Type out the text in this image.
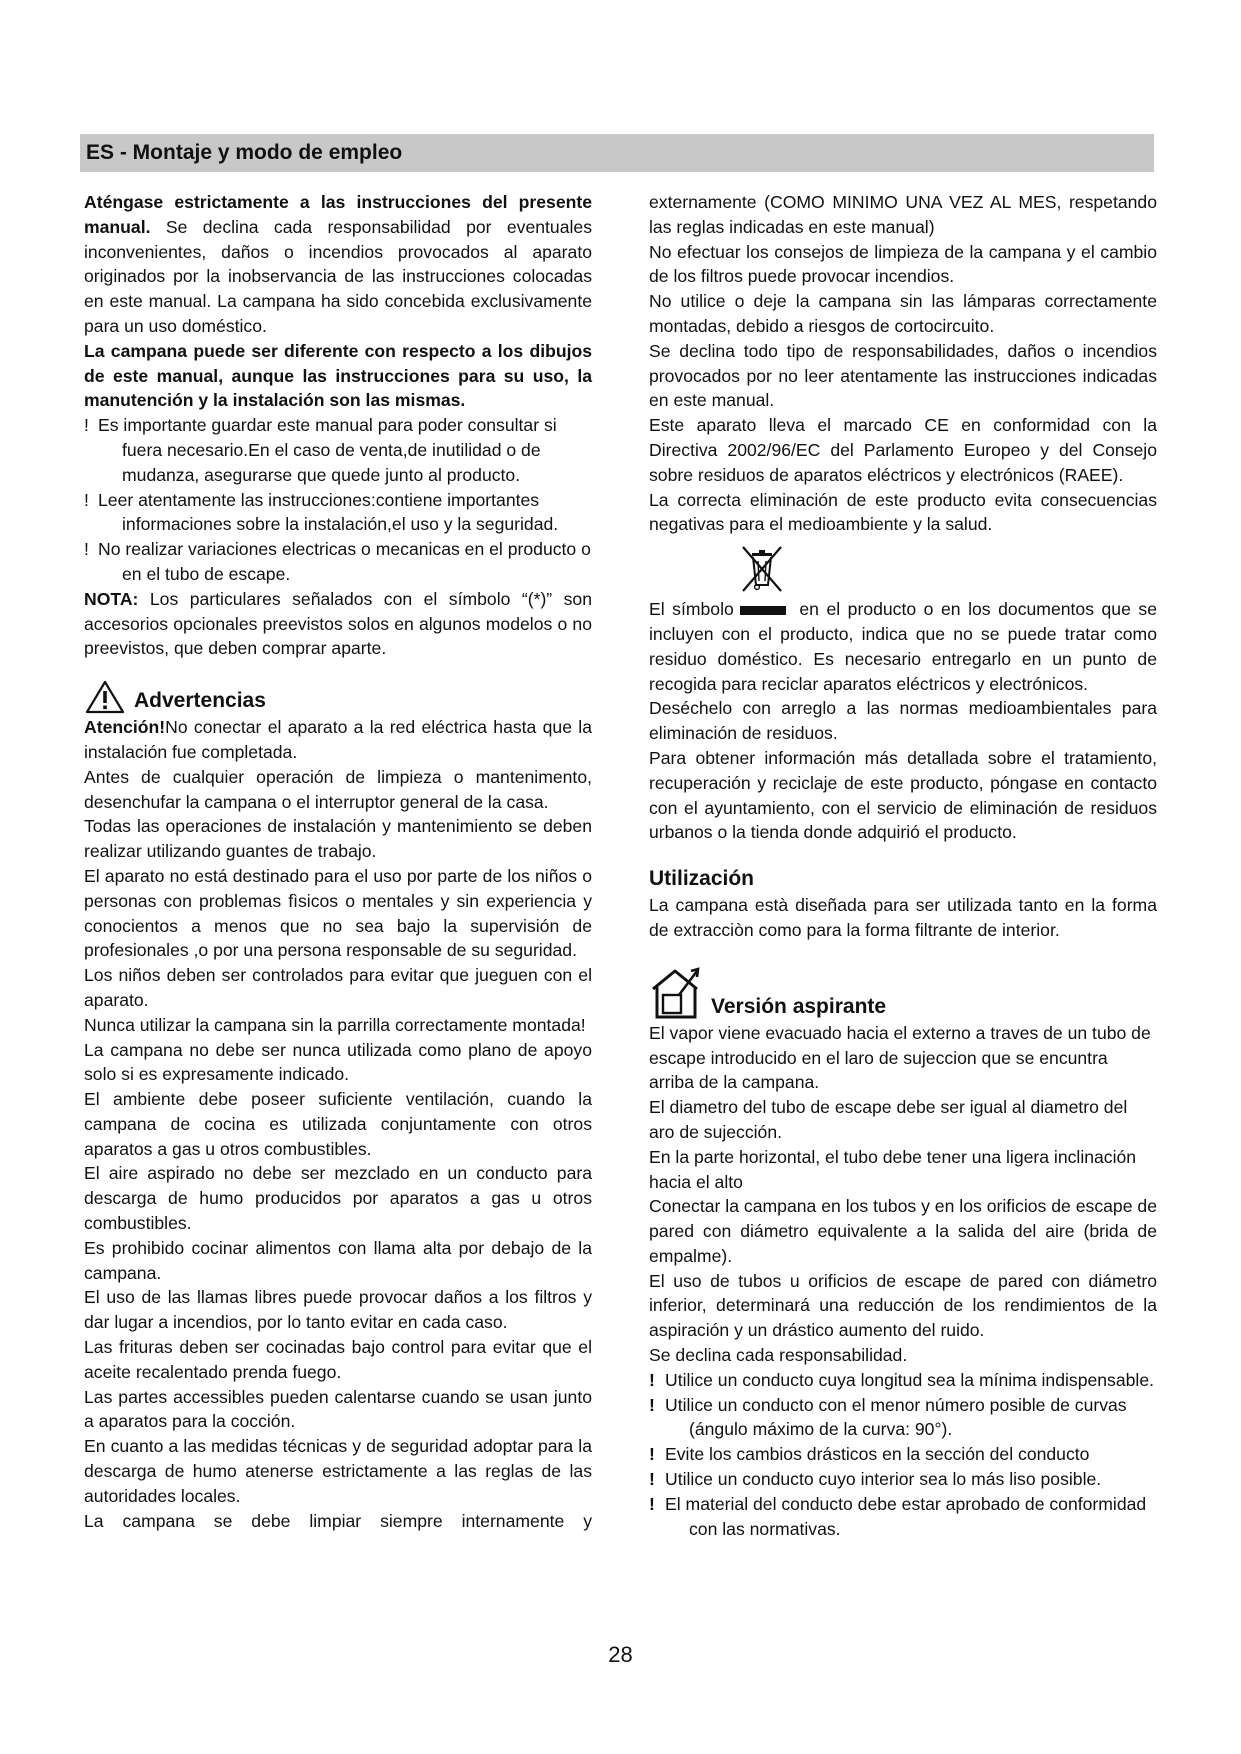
ES - Montaje y modo de empleo

Aténgase estrictamente a las instrucciones del presente manual. Se declina cada responsabilidad por eventuales inconvenientes, daños o incendios provocados al aparato originados por la inobservancia de las instrucciones colocadas en este manual. La campana ha sido concebida exclusivamente para un uso doméstico.

La campana puede ser diferente con respecto a los dibujos de este manual, aunque las instrucciones para su uso, la manutención y la instalación son las mismas.

! Es importante guardar este manual para poder consultar si fuera necesario.En el caso de venta,de inutilidad o de mudanza, asegurarse que quede junto al producto.

! Leer atentamente las instrucciones:contiene importantes informaciones sobre la instalación,el uso y la seguridad.

! No realizar variaciones electricas o mecanicas en el producto o en el tubo de escape.

NOTA: Los particulares señalados con el símbolo “(*)” son accesorios opcionales preevistos solos en algunos modelos o no preevistos, que deben comprar aparte.

Advertencias

Atención!No conectar el aparato a la red eléctrica hasta que la instalación fue completada.

Antes de cualquier operación de limpieza o mantenimento, desenchufar la campana o el interruptor general de la casa.

Todas las operaciones de instalación y mantenimiento se deben realizar utilizando guantes de trabajo.

El aparato no está destinado para el uso por parte de los niños o personas con problemas fìsicos o mentales y sin experiencia y conocientos a menos que no sea bajo la supervisión de profesionales ,o por una persona responsable de su seguridad.

Los niños deben ser controlados para evitar que jueguen con el aparato.

Nunca utilizar la campana sin la parrilla correctamente montada!

La campana no debe ser nunca utilizada como plano de apoyo solo si es expresamente indicado.

El ambiente debe poseer suficiente ventilación, cuando la campana de cocina es utilizada conjuntamente con otros aparatos a gas u otros combustibles.

El aire aspirado no debe ser mezclado en un conducto para descarga de humo producidos por aparatos a gas u otros combustibles.

Es prohibido cocinar alimentos con llama alta por debajo de la campana.

El uso de las llamas libres puede provocar daños a los filtros y dar lugar a incendios, por lo tanto evitar en cada caso.

Las frituras deben ser cocinadas bajo control para evitar que el aceite recalentado prenda fuego.

Las partes accessibles pueden calentarse cuando se usan junto a aparatos para la cocción.

En cuanto a las medidas técnicas y de seguridad adoptar para la descarga de humo atenerse estrictamente a las reglas de las autoridades locales.

La campana se debe limpiar siempre internamente y

externamente (COMO MINIMO UNA VEZ AL MES, respetando las reglas indicadas en este manual)

No efectuar los consejos de limpieza de la campana y el cambio de los filtros puede provocar incendios.

No utilice o deje la campana sin las lámparas correctamente montadas, debido a riesgos de cortocircuito.

Se declina todo tipo de responsabilidades, daños o incendios provocados por no leer atentamente las instrucciones indicadas en este manual.

Este aparato lleva el marcado CE en conformidad con la Directiva 2002/96/EC del Parlamento Europeo y del Consejo sobre residuos de aparatos eléctricos y electrónicos (RAEE).

La correcta eliminación de este producto evita consecuencias negativas para el medioambiente y la salud.

El símbolo	en el producto o en los documentos que se incluyen con el producto, indica que no se puede tratar como residuo doméstico. Es necesario entregarlo en un punto de recogida para reciclar aparatos eléctricos y electrónicos.

Deséchelo con arreglo a las normas medioambientales para eliminación de residuos.

Para obtener información más detallada sobre el tratamiento, recuperación y reciclaje de este producto, póngase en contacto con el ayuntamiento, con el servicio de eliminación de residuos urbanos o la tienda donde adquirió el producto.

Utilización

La campana està diseñada para ser utilizada tanto en la forma de extracciòn como para la forma filtrante de interior.

Versión aspirante

El vapor viene evacuado hacia el externo a traves de un tubo de escape introducido en el laro de sujeccion que se encuntra arriba de la campana.

El diametro del tubo de escape debe ser igual al diametro del aro de sujección.

En la parte horizontal, el tubo debe tener una ligera inclinación hacia el alto

Conectar la campana en los tubos y en los orificios de escape de pared con diámetro equivalente a la salida del aire (brida de empalme).

El uso de tubos u orificios de escape de pared con diámetro inferior, determinará una reducción de los rendimientos de la aspiración y un drástico aumento del ruido.

Se declina cada responsabilidad.

! Utilice un conducto cuya longitud sea la mínima indispensable.

! Utilice un conducto con el menor número posible de curvas (ángulo máximo de la curva: 90°).

! Evite los cambios drásticos en la sección del conducto

! Utilice un conducto cuyo interior sea lo más liso posible.

! El material del conducto debe estar aprobado de conformidad con las normativas.

28
